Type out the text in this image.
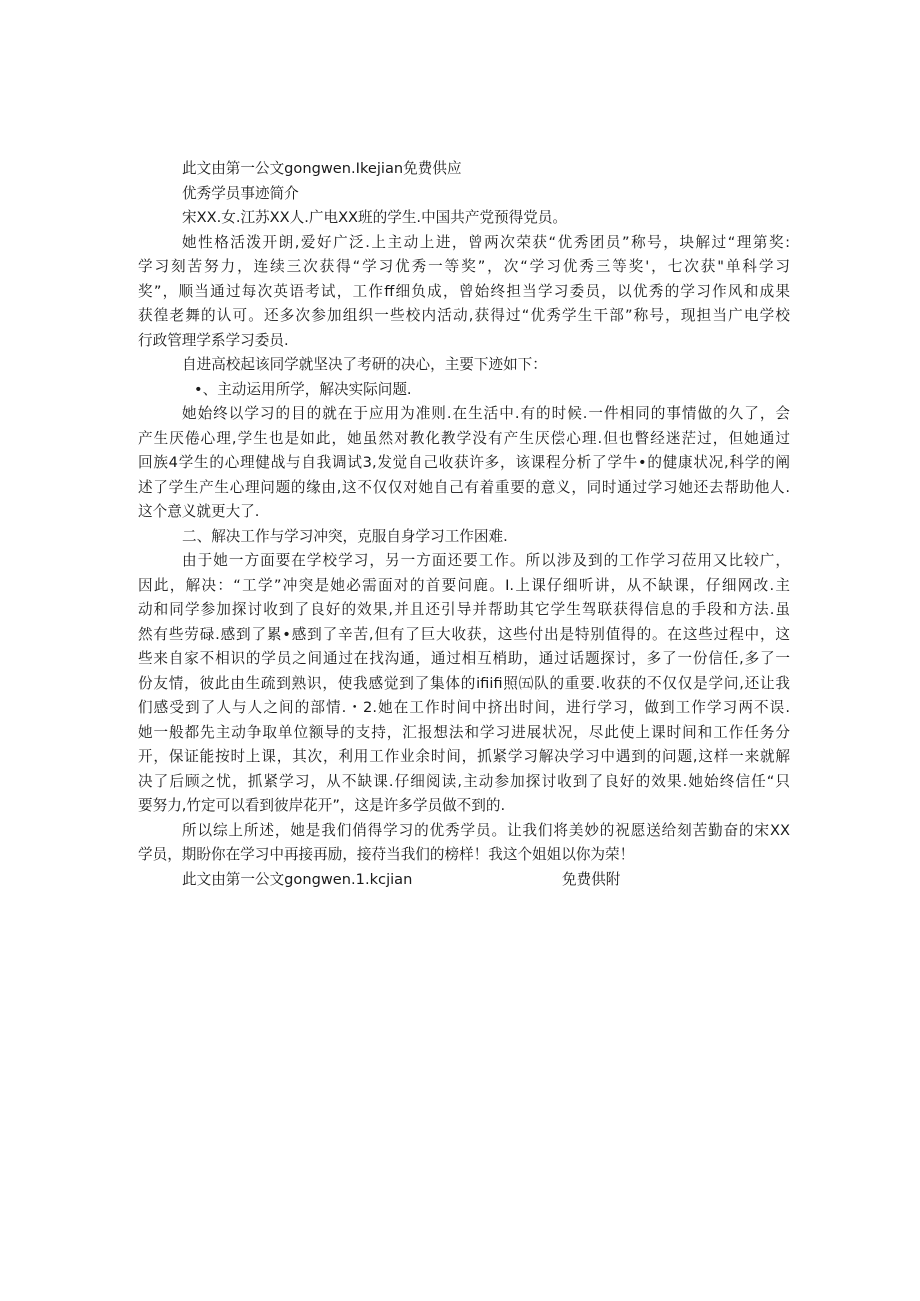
此文由第一公文gongwen.Ikejian免费供应
优秀学员事迹简介
宋XX.女.江苏XX人.广电XX班的学生.中国共产党预得党员。
她性格活泼开朗,爱好广泛.上主动上进，曾两次荣获“优秀团员”称号，块解过“理第奖:
学习刻苦努力，连续三次获得“学习优秀一等奖”，次“学习优秀三等奖'，七次获"单科学习
奖”，顺当通过每次英语考试，工作ff细负成，曾始终担当学习委员，以优秀的学习作风和成果
获徨老舞的认可。还多次参加组织一些校内活动,获得过“优秀学生干部”称号，现担当广电学校
行政管理学系学习委员.
自进高校起该同学就坚决了考研的决心，主要下迹如下：
•、主动运用所学，解决实际问题.
她始终以学习的目的就在于应用为准则.在生活中.有的时候.一件相同的事情做的久了，会
产生厌倦心理,学生也是如此，她虽然对教化教学没有产生厌偿心理.但也瞥经迷茫过，但她通过
回族4学生的心理健战与自我调试3,发觉自己收获许多，该课程分析了学牛•的健康状况,科学的阐
述了学生产生心理问题的缘由,这不仅仅对她自己有着重要的意义，同时通过学习她还去帮助他人.
这个意义就更大了.
二、解决工作与学习冲突，克服自身学习工作困难.
由于她一方面要在学校学习，另一方面还要工作。所以涉及到的工作学习莅用又比较广，
因此，解决：“工学”冲突是她必需面对的首要问鹿。I.上课仔细听讲，从不缺课，仔细网改.主
动和同学参加探讨收到了良好的效果,并且还引导并帮助其它学生驾联获得信息的手段和方法.虽
然有些劳碌.感到了累•感到了辛苦,但有了巨大收获，这些付出是特别值得的。在这些过程中，这
些来自家不相识的学员之间通过在找沟通，通过相互梢助，通过话题探讨，多了一份信任,多了一
份友情，彼此由生疏到熟识，使我感觉到了集体的ifiifi照㈤队的重要.收获的不仅仅是学问,还让我
们感受到了人与人之间的部情.・2.她在工作时间中挤出时间，进行学习，做到工作学习两不误.
她一般都先主动争取单位额导的支持，汇报想法和学习进展状况，尽此使上课时间和工作任务分
开，保证能按时上课，其次，利用工作业余时间，抓紧学习解决学习中遇到的问题,这样一来就解
决了后顾之忧，抓紧学习，从不缺课.仔细阅读,主动参加探讨收到了良好的效果.她始终信任“只
要努力,竹定可以看到彼岸花开”，这是许多学员做不到的.
所以综上所述，她是我们俏得学习的优秀学员。让我们将美妙的祝愿送给刻苦勤奋的宋XX
学员，期盼你在学习中再接再励，接苻当我们的榜样！我这个姐姐以你为荣！
此文由第一公文gongwen.1.kcjian	免费供附
